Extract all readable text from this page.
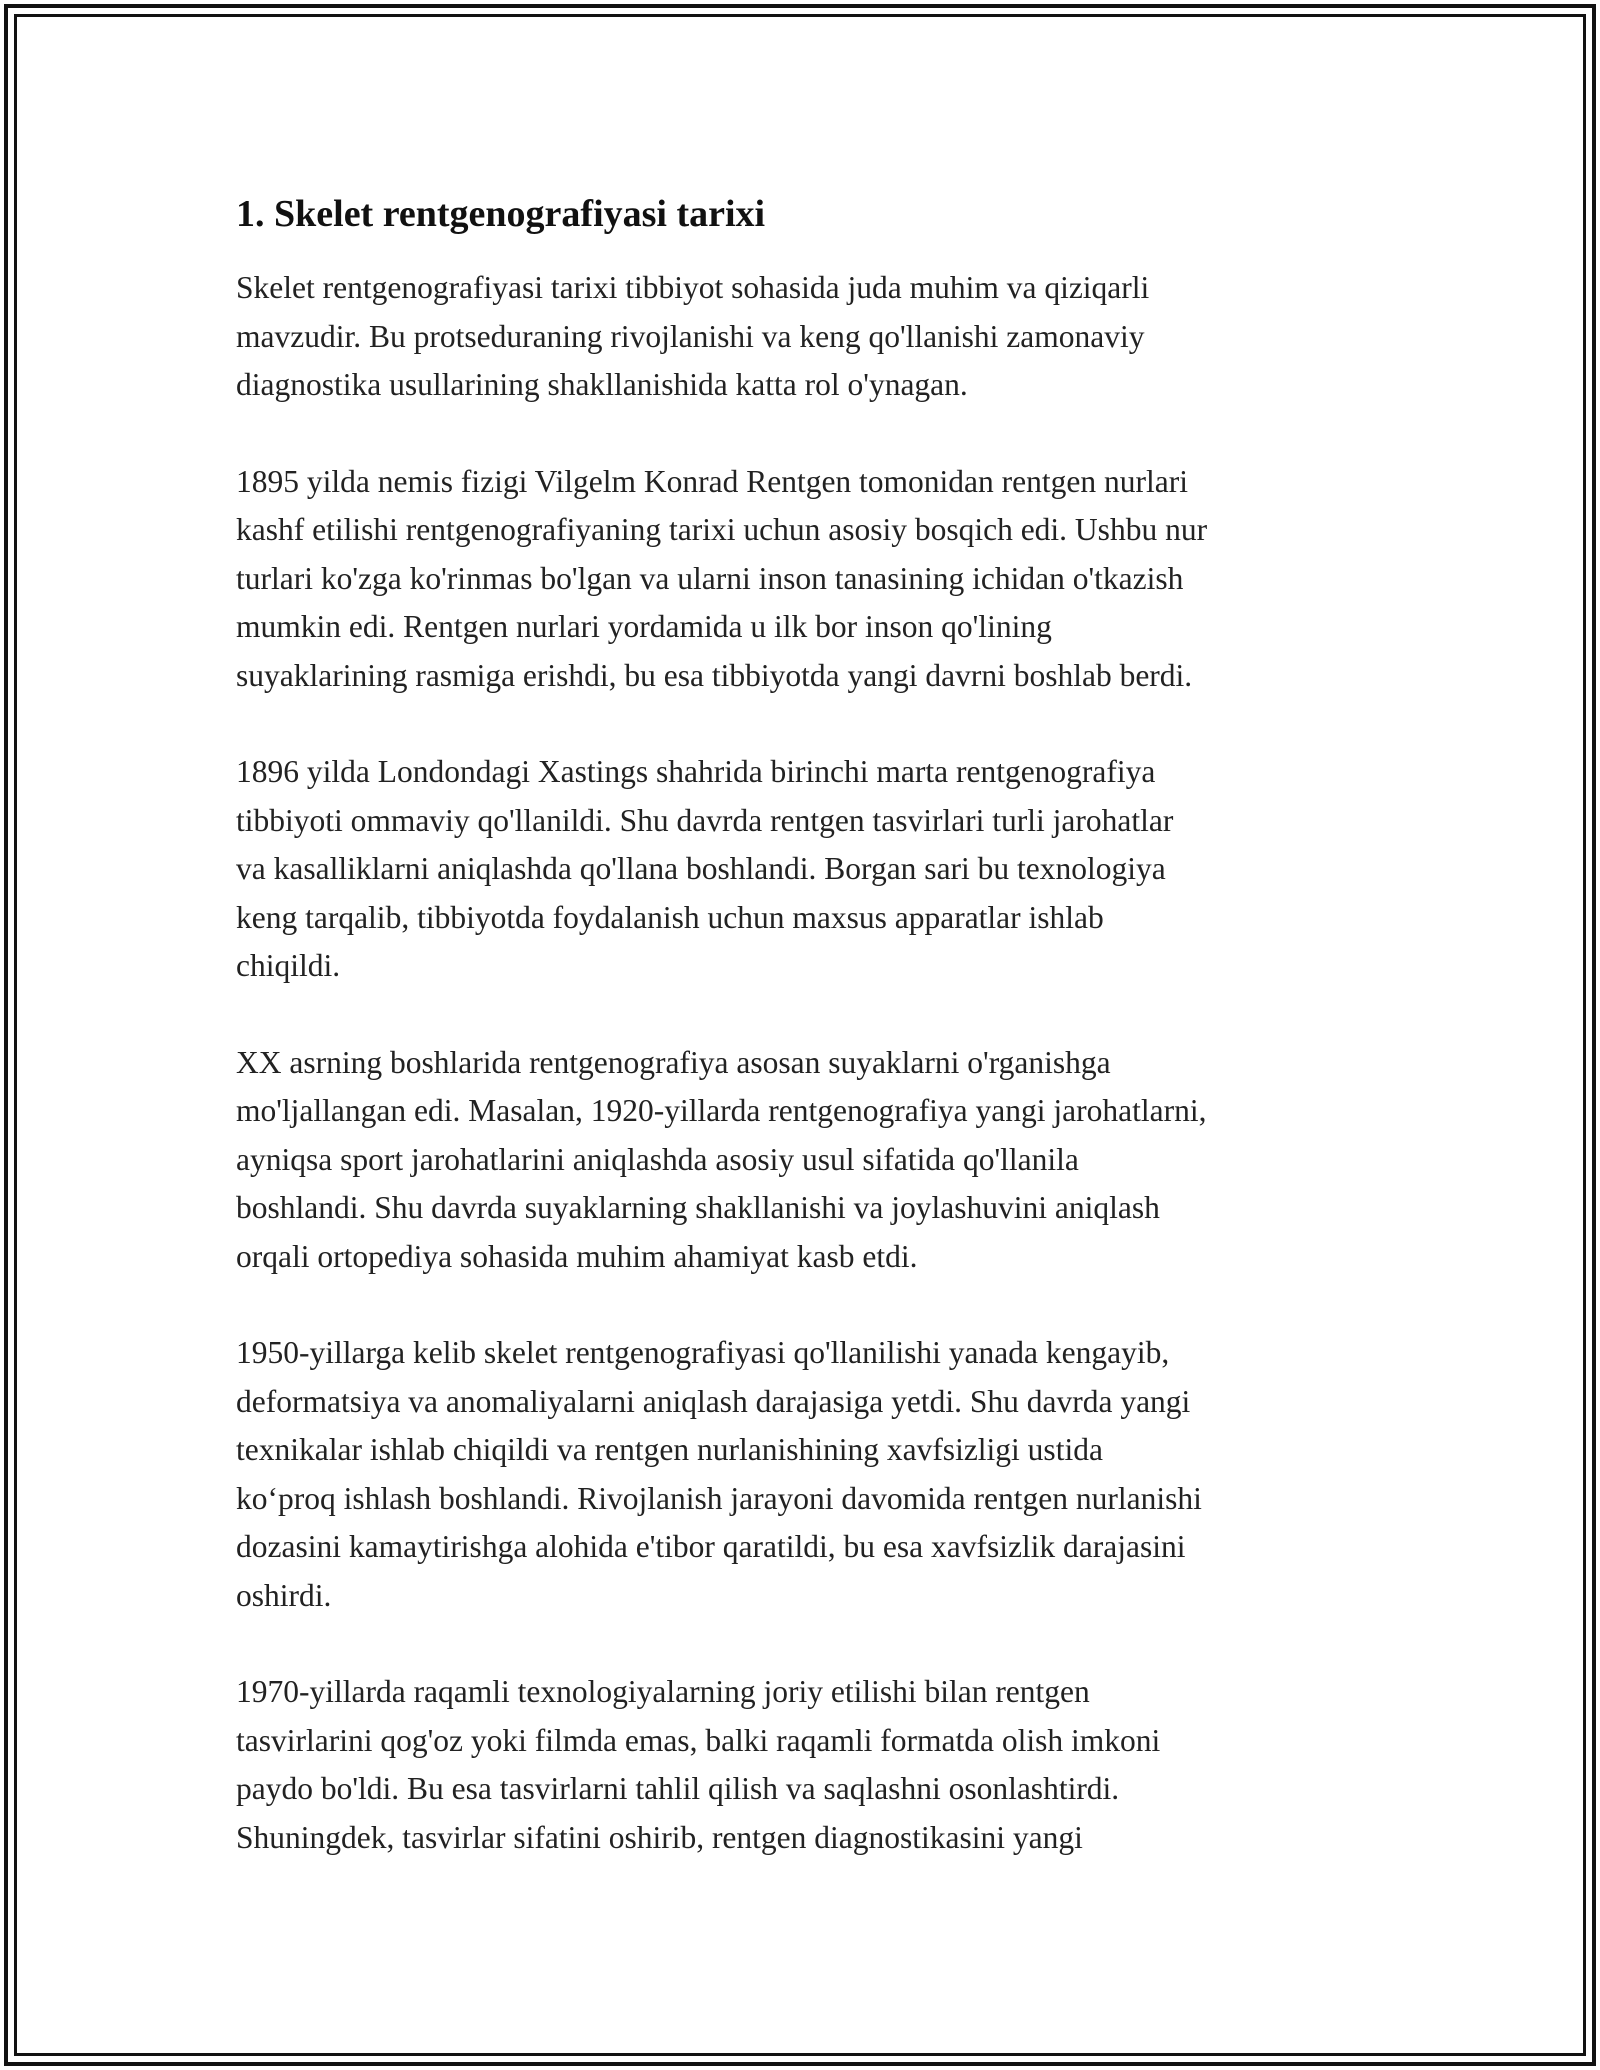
1. Skelet rentgenografiyasi tarixi

Skelet rentgenografiyasi tarixi tibbiyot sohasida juda muhim va qiziqarli
mavzudir. Bu protseduraning rivojlanishi va keng qo'llanishi zamonaviy
diagnostika usullarining shakllanishida katta rol o'ynagan.

1895 yilda nemis fizigi Vilgelm Konrad Rentgen tomonidan rentgen nurlari
kashf etilishi rentgenografiyaning tarixi uchun asosiy bosqich edi. Ushbu nur
turlari ko'zga ko'rinmas bo'lgan va ularni inson tanasining ichidan o'tkazish
mumkin edi. Rentgen nurlari yordamida u ilk bor inson qo'lining
suyaklarining rasmiga erishdi, bu esa tibbiyotda yangi davrni boshlab berdi.

1896 yilda Londondagi Xastings shahrida birinchi marta rentgenografiya
tibbiyoti ommaviy qo'llanildi. Shu davrda rentgen tasvirlari turli jarohatlar
va kasalliklarni aniqlashda qo'llana boshlandi. Borgan sari bu texnologiya
keng tarqalib, tibbiyotda foydalanish uchun maxsus apparatlar ishlab
chiqildi.

XX asrning boshlarida rentgenografiya asosan suyaklarni o'rganishga
mo'ljallangan edi. Masalan, 1920-yillarda rentgenografiya yangi jarohatlarni,
ayniqsa sport jarohatlarini aniqlashda asosiy usul sifatida qo'llanila
boshlandi. Shu davrda suyaklarning shakllanishi va joylashuvini aniqlash
orqali ortopediya sohasida muhim ahamiyat kasb etdi.

1950-yillarga kelib skelet rentgenografiyasi qo'llanilishi yanada kengayib,
deformatsiya va anomaliyalarni aniqlash darajasiga yetdi. Shu davrda yangi
texnikalar ishlab chiqildi va rentgen nurlanishining xavfsizligi ustida
ko‘proq ishlash boshlandi. Rivojlanish jarayoni davomida rentgen nurlanishi
dozasini kamaytirishga alohida e'tibor qaratildi, bu esa xavfsizlik darajasini
oshirdi.

1970-yillarda raqamli texnologiyalarning joriy etilishi bilan rentgen
tasvirlarini qog'oz yoki filmda emas, balki raqamli formatda olish imkoni
paydo bo'ldi. Bu esa tasvirlarni tahlil qilish va saqlashni osonlashtirdi.
Shuningdek, tasvirlar sifatini oshirib, rentgen diagnostikasini yangi
